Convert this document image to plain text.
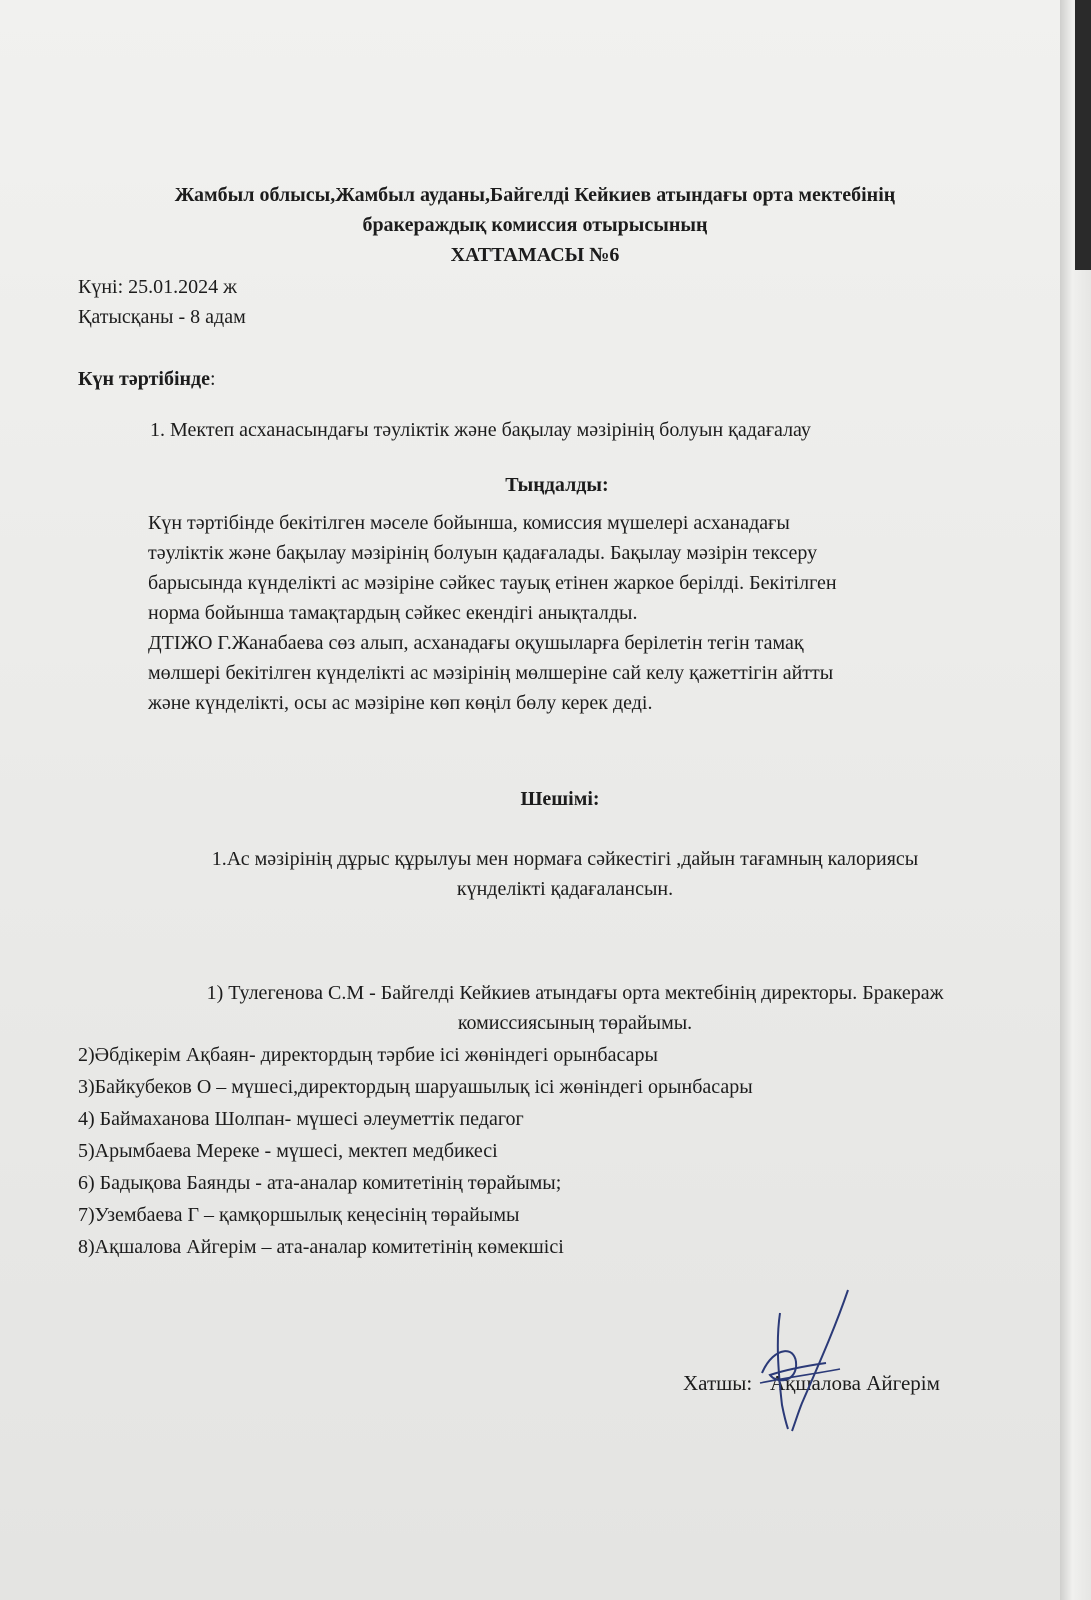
Жамбыл облысы,Жамбыл ауданы,Байгелді Кейкиев атындағы орта мектебінің
бракераждық комиссия отырысының
ХАТТАМАСЫ №6
Күні: 25.01.2024 ж
Қатысқаны - 8 адам
Күн тәртібінде:
1. Мектеп асханасындағы тәуліктік және бақылау мәзірінің болуын қадағалау
Тыңдалды:

Күн тәртібінде бекітілген мәселе бойынша, комиссия мүшелері асханадағы

тәуліктік және бақылау мәзірінің болуын қадағалады. Бақылау мәзірін тексеру

барысында күнделікті ас мәзіріне сәйкес тауық етінен жаркое берілді. Бекітілген

норма бойынша тамақтардың сәйкес екендігі анықталды.

ДТІЖО Г.Жанабаева сөз алып, асханадағы оқушыларға берілетін тегін тамақ

мөлшері бекітілген күнделікті ас мәзірінің мөлшеріне сай келу қажеттігін айтты

және күнделікті, осы ас мәзіріне көп көңіл бөлу керек деді.

Шешімі:
1.Ас мәзірінің дұрыс құрылуы мен нормаға сәйкестігі ,дайын тағамның калориясы
күнделікті қадағалансын.
1) Тулегенова С.М - Байгелді Кейкиев атындағы орта мектебінің директоры. Бракераж
комиссиясының төрайымы.
2)Әбдікерім Ақбаян- директордың тәрбие ісі жөніндегі орынбасары
3)Байкубеков О – мүшесі,директордың шаруашылық ісі жөніндегі орынбасары
4) Баймаханова Шолпан- мүшесі әлеуметтік педагог
5)Арымбаева Мереке - мүшесі, мектеп медбикесі
6) Бадықова Баянды - ата-аналар комитетінің төрайымы;
7)Узембаева Г – қамқоршылық кеңесінің төрайымы
8)Ақшалова Айгерім – ата-аналар комитетінің көмекшісі
Хатшы: Ақшалова Айгерім
